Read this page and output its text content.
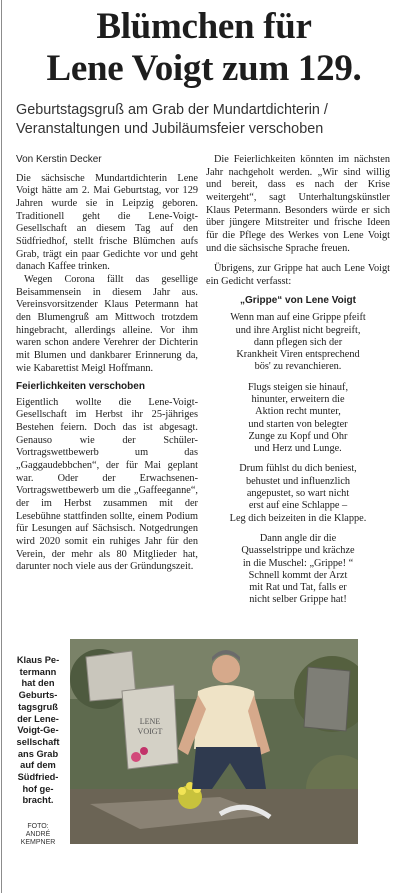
Blümchen für
Lene Voigt zum 129.
Geburtstagsgruß am Grab der Mundartdichterin /
Veranstaltungen und Jubiläumsfeier verschoben
Von Kerstin Decker

Die sächsische Mundartdichterin Lene Voigt hätte am 2. Mai Geburtstag, vor 129 Jahren wurde sie in Leipzig geboren. Traditionell geht die Lene-Voigt-Gesellschaft an diesem Tag auf den Südfriedhof, stellt frische Blümchen aufs Grab, trägt ein paar Gedichte vor und geht danach Kaffee trinken.

Wegen Corona fällt das gesellige Beisammensein in diesem Jahr aus. Vereinsvorsitzender Klaus Petermann hat den Blumengruß am Mittwoch trotzdem hingebracht, allerdings alleine. Vor ihm waren schon andere Verehrer der Dichterin mit Blumen und dankbarer Erinnerung da, wie Kabarettist Meigl Hoffmann.

Feierlichkeiten verschoben

Eigentlich wollte die Lene-Voigt-Gesellschaft im Herbst ihr 25-jähriges Bestehen feiern. Doch das ist abgesagt. Genauso wie der Schüler-Vortragswettbewerb um das „Gaggaudebbchen“, der für Mai geplant war. Oder der Erwachsenen-Vortragswettbewerb um die „Gaffeeganne“, der im Herbst zusammen mit der Lesebühne stattfinden sollte, einem Podium für Lesungen auf Sächsisch. Notgedrungen wird 2020 somit ein ruhiges Jahr für den Verein, der mehr als 80 Mitglieder hat, darunter noch viele aus der Gründungszeit.

Die Feierlichkeiten könnten im nächsten Jahr nachgeholt werden. „Wir sind willig und bereit, dass es nach der Krise weitergeht“, sagt Unterhaltungskünstler Klaus Petermann. Besonders würde er sich über jüngere Mitstreiter und frische Ideen für die Pflege des Werkes von Lene Voigt und die sächsische Sprache freuen.

Übrigens, zur Grippe hat auch Lene Voigt ein Gedicht verfasst:

„Grippe“ von Lene Voigt
Wenn man auf eine Grippe pfeift
und ihre Arglist nicht begreift,
dann pflegen sich der
Krankheit Viren entsprechend
bös' zu revanchieren.
Flugs steigen sie hinauf,
hinunter, erweitern die
Aktion recht munter,
und starten von belegter
Zunge zu Kopf und Ohr
und Herz und Lunge.
Drum fühlst du dich beniest,
behustet und influenzlich
angepustet, so wart nicht
erst auf eine Schlappe –
Leg dich beizeiten in die Klappe.
Dann angle dir die
Quasselstrippe und krächze
in die Muschel: „Grippe! “
Schnell kommt der Arzt
mit Rat und Tat, falls er
nicht selber Grippe hat!
Klaus Pe-
termann
hat den
Geburts-
tagsgruß
der Lene-
Voigt-Ge-
sellschaft
ans Grab
auf dem
Südfried-
hof ge-
bracht.
FOTO:
ANDRÉ
KEMPNER
LENE
VOIGT
